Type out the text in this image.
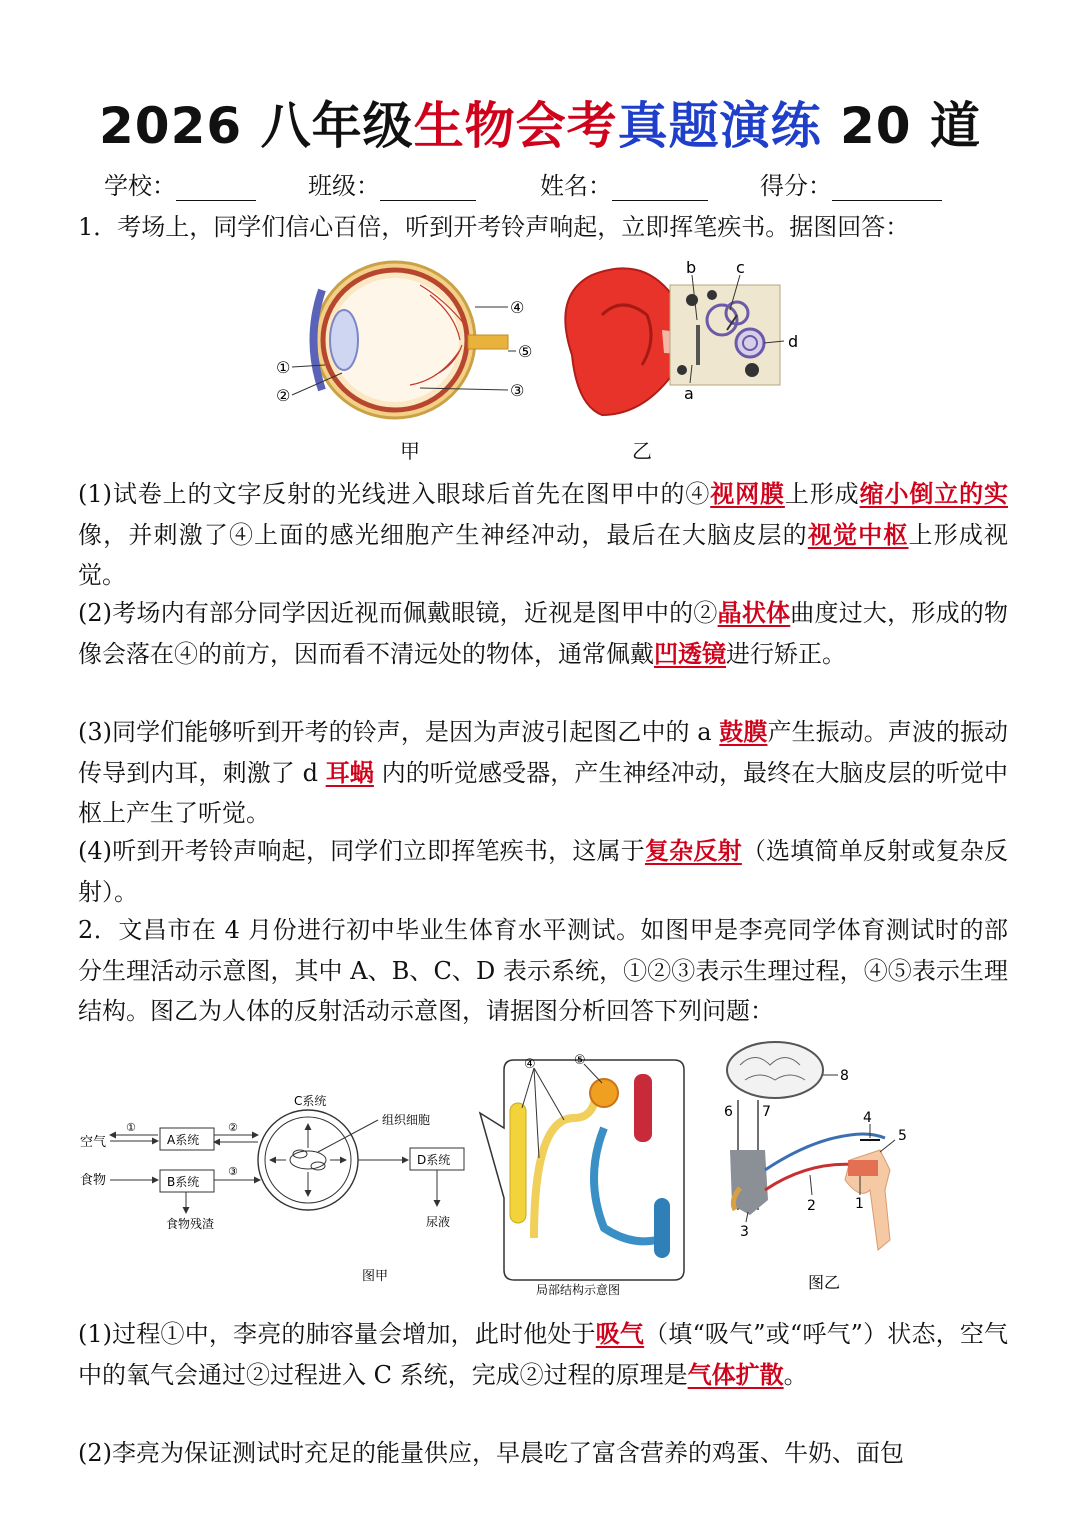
2026 八年级生物会考真题演练 20 道
学校：	班级：	姓名：	得分：
1．考场上，同学们信心百倍，听到开考铃声响起，立即挥笔疾书。据图回答：
①
②	③
④
⑤
甲
b c
d
a
乙
(1)试卷上的文字反射的光线进入眼球后首先在图甲中的④视网膜上形成缩小倒立的实像，并刺激了④上面的感光细胞产生神经冲动，最后在大脑皮层的视觉中枢上形成视觉。
(2)考场内有部分同学因近视而佩戴眼镜，近视是图甲中的②晶状体曲度过大，形成的物像会落在④的前方，因而看不清远处的物体，通常佩戴凹透镜进行矫正。
(3)同学们能够听到开考的铃声，是因为声波引起图乙中的 a 鼓膜产生振动。声波的振动传导到内耳，刺激了 d 耳蜗 内的听觉感受器，产生神经冲动，最终在大脑皮层的听觉中枢上产生了听觉。
(4)听到开考铃声响起，同学们立即挥笔疾书，这属于复杂反射（选填简单反射或复杂反射）。
2．文昌市在 4 月份进行初中毕业生体育水平测试。如图甲是李亮同学体育测试时的部分生理活动示意图，其中 A、B、C、D 表示系统，①②③表示生理过程，④⑤表示生理结构。图乙为人体的反射活动示意图，请据图分析回答下列问题：
空气
食物
①
A系统
B系统
食物残渣
②
③
C系统
组织细胞
D系统
尿液
图甲
④	⑤
局部结构示意图
8
6 7	4
5
1
2
3
图乙
(1)过程①中，李亮的肺容量会增加，此时他处于吸气（填“吸气”或“呼气”）状态，空气中的氧气会通过②过程进入 C 系统，完成②过程的原理是气体扩散。
(2)李亮为保证测试时充足的能量供应，早晨吃了富含营养的鸡蛋、牛奶、面包
